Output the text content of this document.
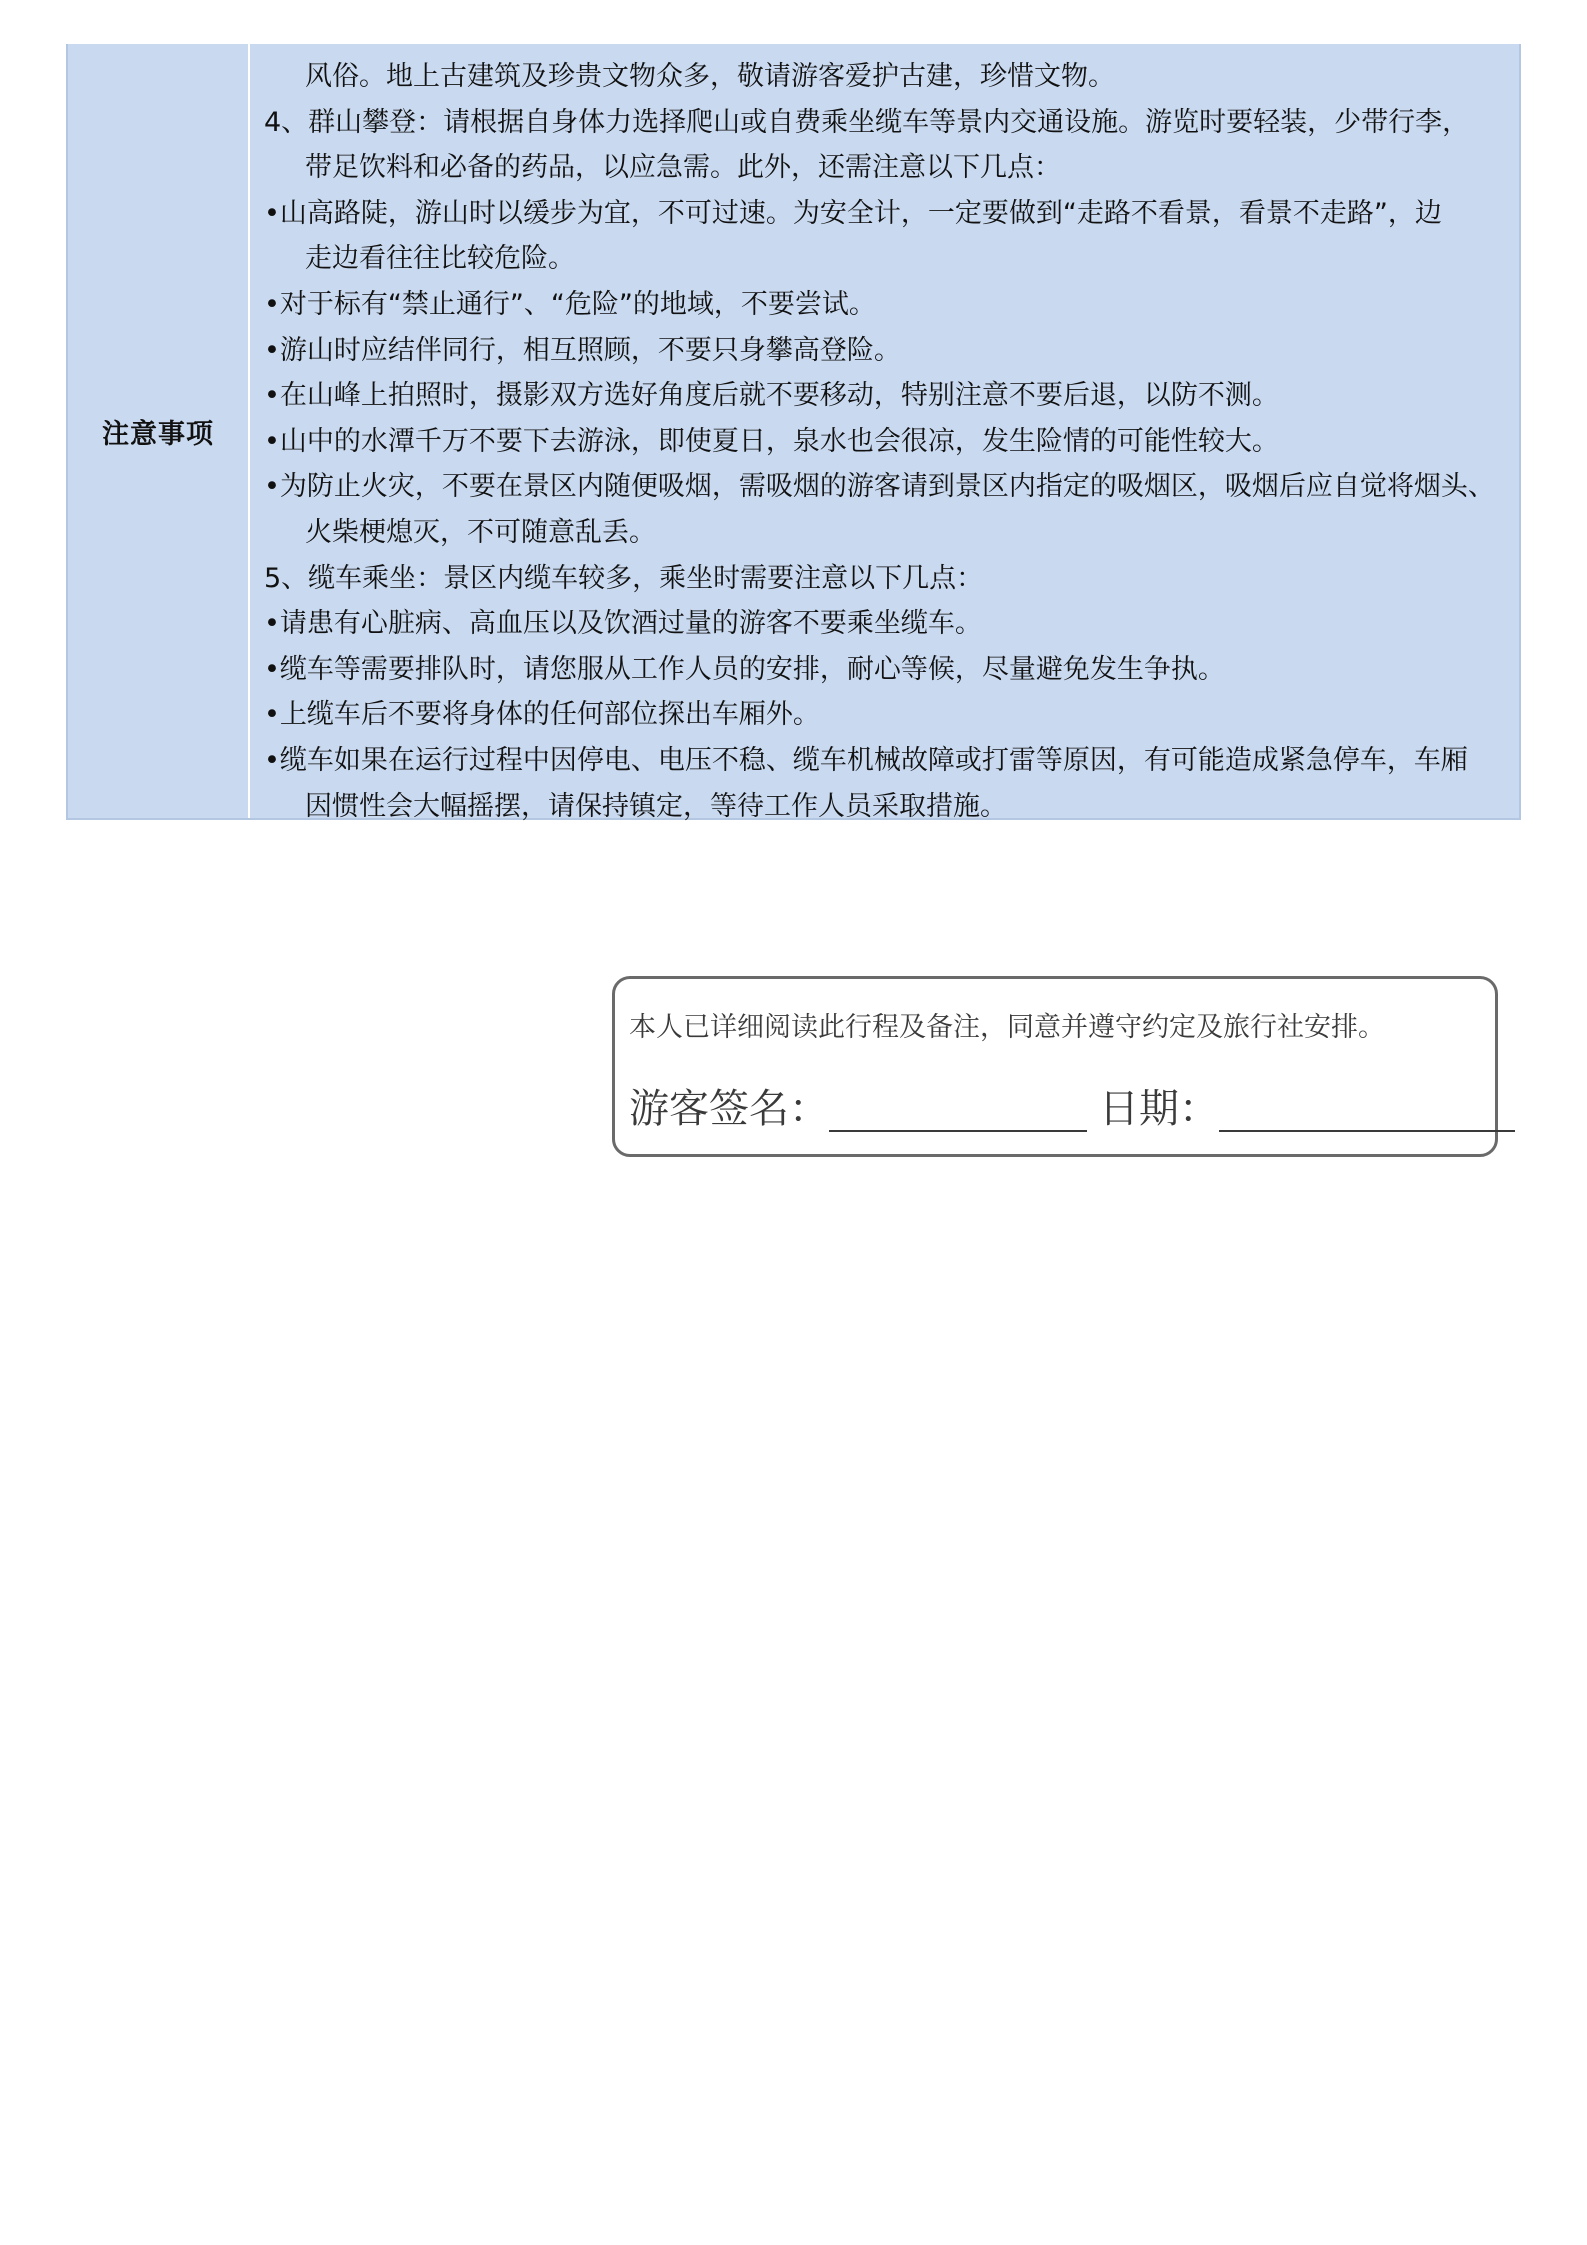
注意事项
风俗。地上古建筑及珍贵文物众多，敬请游客爱护古建，珍惜文物。
4、群山攀登：请根据自身体力选择爬山或自费乘坐缆车等景内交通设施。游览时要轻装，少带行李，
带足饮料和必备的药品，以应急需。此外，还需注意以下几点：
•山高路陡，游山时以缓步为宜，不可过速。为安全计，一定要做到“走路不看景，看景不走路”，边
走边看往往比较危险。
•对于标有“禁止通行”、“危险”的地域，不要尝试。
•游山时应结伴同行，相互照顾，不要只身攀高登险。
•在山峰上拍照时，摄影双方选好角度后就不要移动，特别注意不要后退，以防不测。
•山中的水潭千万不要下去游泳，即使夏日，泉水也会很凉，发生险情的可能性较大。
•为防止火灾，不要在景区内随便吸烟，需吸烟的游客请到景区内指定的吸烟区，吸烟后应自觉将烟头、
火柴梗熄灭，不可随意乱丢。
5、缆车乘坐：景区内缆车较多，乘坐时需要注意以下几点：
•请患有心脏病、高血压以及饮酒过量的游客不要乘坐缆车。
•缆车等需要排队时，请您服从工作人员的安排，耐心等候，尽量避免发生争执。
•上缆车后不要将身体的任何部位探出车厢外。
•缆车如果在运行过程中因停电、电压不稳、缆车机械故障或打雷等原因，有可能造成紧急停车，车厢
因惯性会大幅摇摆，请保持镇定，等待工作人员采取措施。
本人已详细阅读此行程及备注，同意并遵守约定及旅行社安排。
游客签名：	日期：
